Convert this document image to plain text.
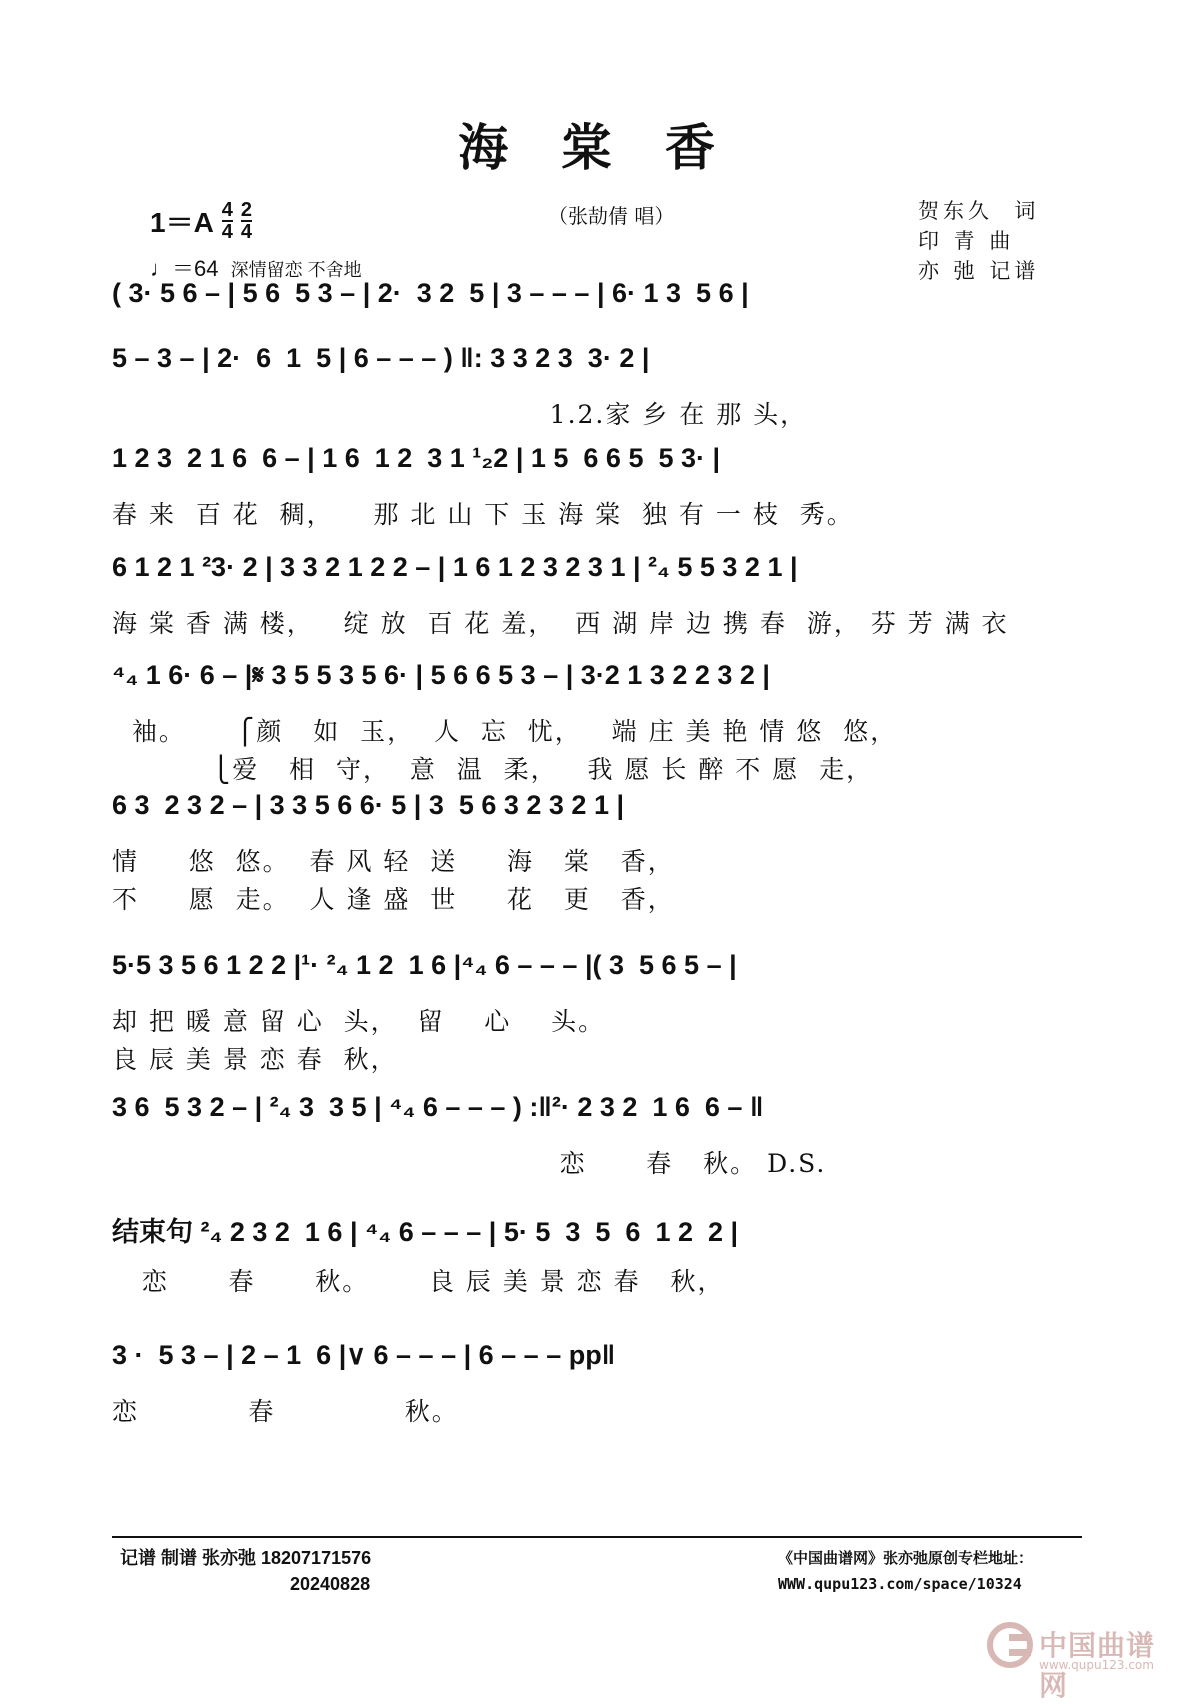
海 棠 香
$1=A \frac{4}{4} \frac{2}{4}$
♩＝64 深情留恋 不舍地
（张劼倩 唱）	贺东久  词
印 青 曲
亦 弛 记谱
( 3· 5 6 – | 5 6  5 3 – | 2·  3 2  5 | 3 – – – | 6· 1 3  5 6 |
5 – 3 – | 2·  6  1  5 | 6 – – – ) ‖: 3 3 2 3  3· 2 |
1.2.家 乡 在 那 头，
1 2 3  2 1 6  6 – | 1 6  1 2  3 1 ¹₂2 | 1 5  6 6 5  5 3· |
春 来  百 花  稠，    那 北 山 下 玉 海 棠  独 有 一 枝  秀。
6 1 2 1 ²3· 2 | 3 3 2 1 2 2 – | 1 6 1 2 3 2 3 1 | ²₄ 5 5 3 2 1 |
海 棠 香 满 楼，   绽 放  百 花 羞，  西 湖 岸 边 携 春  游， 芬 芳 满 衣
⁴₄ 1 6· 6 – |𝄋 3 5 5 3 5 6· | 5 6 6 5 3 – | 3·2 1 3 2 2 3 2 |
袖。     ⎧颜   如  玉，  人  忘  忧，   端 庄 美 艳 情 悠  悠，
⎩爱   相  守，  意  温  柔，   我 愿 长 醉 不 愿  走，
6 3  2 3 2 – | 3 3 5 6 6· 5 | 3  5 6 3 2 3 2 1 |
情     悠  悠。  春 风 轻  送     海   棠   香，
不     愿  走。  人 逢 盛  世     花   更   香，
5·5 3 5 6 1 2 2 |¹· ²₄ 1 2  1 6 |⁴₄ 6 – – – |( 3  5 6 5 – |
却 把 暖 意 留 心  头，  留    心    头。
良 辰 美 景 恋 春  秋，
3 6  5 3 2 – | ²₄ 3  3 5 | ⁴₄ 6 – – – ) :‖²· 2 3 2  1 6  6 – ‖
恋      春   秋。 D.S.
结束句 ²₄ 2 3 2  1 6 | ⁴₄ 6 – – – | 5· 5  3  5  6  1 2  2 |
恋      春      秋。      良 辰 美 景 恋 春   秋，
3 ·  5 3 – | 2 – 1  6 |∨ 6 – – – | 6 – – – pp‖
恋           春             秋。
记谱 制谱 张亦弛 18207171576
20240828
《中国曲谱网》张亦弛原创专栏地址：
WWW.qupu123.com/space/10324
中国曲谱网
www.qupu123.com
